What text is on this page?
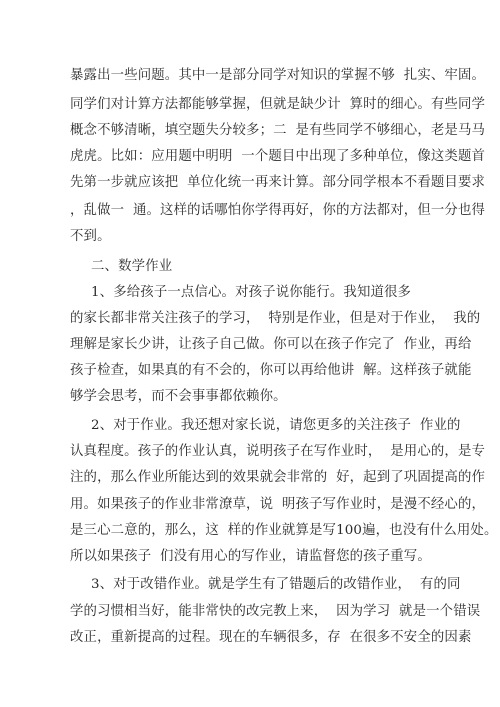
暴露出一些问题。其中一是部分同学对知识的掌握不够  扎实、牢固。
同学们对计算方法都能够掌握，但就是缺少计  算时的细心。有些同学
概念不够清晰，填空题失分较多；二  是有些同学不够细心，老是马马
虎虎。比如：应用题中明明  一个题目中出现了多种单位，像这类题首
先第一步就应该把  单位化统一再来计算。部分同学根本不看题目要求
，乱做一  通。这样的话哪怕你学得再好，你的方法都对，但一分也得
不到。
二、数学作业
1、多给孩子一点信心。对孩子说你能行。我知道很多
的家长都非常关注孩子的学习，  特别是作业，但是对于作业，  我的
理解是家长少讲，让孩子自己做。你可以在孩子作完了  作业，再给
孩子检查，如果真的有不会的，你可以再给他讲  解。这样孩子就能
够学会思考，而不会事事都依赖你。
2、对于作业。我还想对家长说，请您更多的关注孩子  作业的
认真程度。孩子的作业认真，说明孩子在写作业时，  是用心的，是专
注的，那么作业所能达到的效果就会非常的  好，起到了巩固提高的作
用。如果孩子的作业非常潦草，说  明孩子写作业时，是漫不经心的，
是三心二意的，那么，这  样的作业就算是写100遍，也没有什么用处。
所以如果孩子  们没有用心的写作业，请监督您的孩子重写。
3、对于改错作业。就是学生有了错题后的改错作业，  有的同
学的习惯相当好，能非常快的改完教上来，  因为学习  就是一个错误
改正，重新提高的过程。现在的车辆很多，存  在很多不安全的因素
